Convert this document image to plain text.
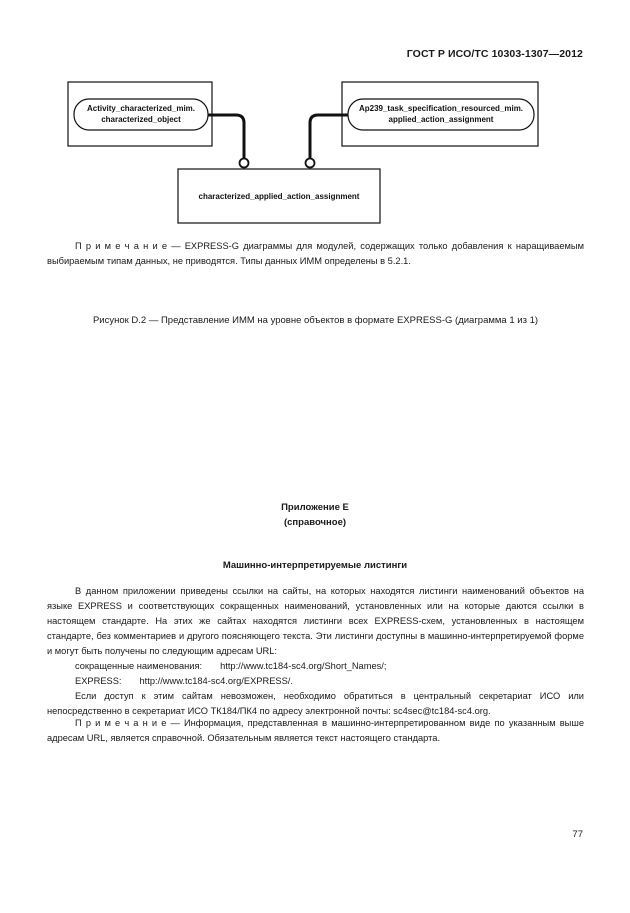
ГОСТ Р ИСО/ТС 10303-1307—2012
Activity_characterized_mim.
characterized_object
Ap239_task_specification_resourced_mim.
applied_action_assignment
characterized_applied_action_assignment
П р и м е ч а н и е — EXPRESS-G диаграммы для модулей, содержащих только добавления к наращиваемым выбираемым типам данных, не приводятся. Типы данных ИММ определены в 5.2.1.
Рисунок D.2 — Представление ИММ на уровне объектов в формате EXPRESS-G (диаграмма 1 из 1)
Приложение Е
(справочное)
Машинно-интерпретируемые листинги
В данном приложении приведены ссылки на сайты, на которых находятся листинги наименований объектов на языке EXPRESS и соответствующих сокращенных наименований, установленных или на которые даются ссылки в настоящем стандарте. На этих же сайтах находятся листинги всех EXPRESS-схем, установленных в настоящем стандарте, без комментариев и другого поясняющего текста. Эти листинги доступны в машинно-интерпретируемой форме и могут быть получены по следующим адресам URL:
сокращенные наименования: http://www.tc184-sc4.org/Short_Names/;
EXPRESS: http://www.tc184-sc4.org/EXPRESS/.
Если доступ к этим сайтам невозможен, необходимо обратиться в центральный секретариат ИСО или непосредственно в секретариат ИСО ТК184/ПК4 по адресу электронной почты: sc4sec@tc184-sc4.org.
П р и м е ч а н и е — Информация, представленная в машинно-интерпретированном виде по указанным выше адресам URL, является справочной. Обязательным является текст настоящего стандарта.
77
